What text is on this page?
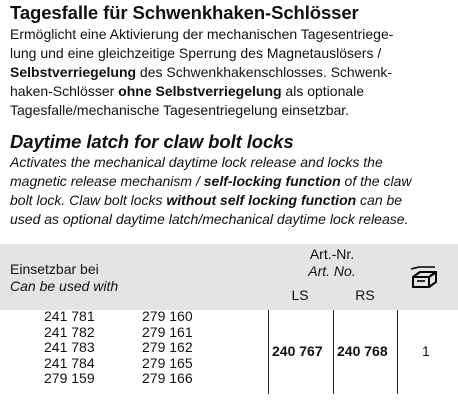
Tagesfalle für Schwenkhaken-Schlösser
Ermöglicht eine Aktivierung der mechanischen Tagesentriege-
lung und eine gleichzeitige Sperrung des Magnetauslösers /
Selbstverriegelung des Schwenkhakenschlosses. Schwenk-
haken-Schlösser ohne Selbstverriegelung als optionale
Tagesfalle/mechanische Tagesentriegelung einsetzbar.
Daytime latch for claw bolt locks
Activates the mechanical daytime lock release and locks the
magnetic release mechanism / self-locking function of the claw
bolt lock. Claw bolt locks without self locking function can be
used as optional daytime latch/mechanical daytime lock release.
Einsetzbar bei
Can be used with
Art.-Nr.
Art. No.
LS	RS
241 781
241 782
241 783
241 784
279 159
279 160
279 161
279 162
279 165
279 166
240 767 240 768 1
